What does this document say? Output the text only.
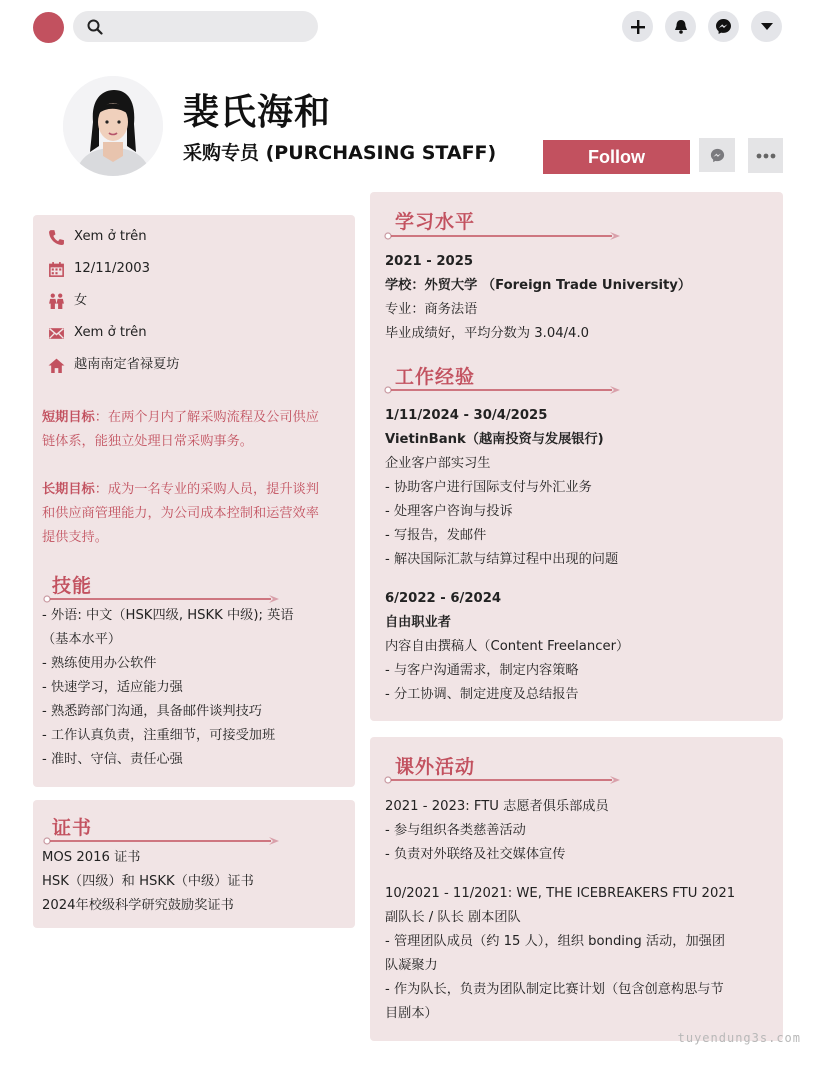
裴氏海和
采购专员 (PURCHASING STAFF)	Follow
Xem ở trên
12/11/2003
女
Xem ở trên
越南南定省禄夏坊
短期目标：在两个月内了解采购流程及公司供应链体系，能独立处理日常采购事务。
长期目标：成为一名专业的采购人员，提升谈判和供应商管理能力，为公司成本控制和运营效率提供支持。
技能
- 外语: 中文（HSK四级, HSKK 中级); 英语
（基本水平）
- 熟练使用办公软件
- 快速学习，适应能力强
- 熟悉跨部门沟通，具备邮件谈判技巧
- 工作认真负责，注重细节，可接受加班
- 准时、守信、责任心强
证书
MOS 2016 证书
HSK（四级）和 HSKK（中级）证书
2024年校级科学研究鼓励奖证书
学习水平
2021 - 2025
学校：外贸大学 （Foreign Trade University）
专业：商务法语
毕业成绩好，平均分数为 3.04/4.0
工作经验
1/11/2024 - 30/4/2025
VietinBank（越南投资与发展银行)
企业客户部实习生
- 协助客户进行国际支付与外汇业务
- 处理客户咨询与投诉
- 写报告，发邮件
- 解决国际汇款与结算过程中出现的问题
6/2022 - 6/2024
自由职业者
内容自由撰稿人（Content Freelancer）
- 与客户沟通需求，制定内容策略
- 分工协调、制定进度及总结报告
课外活动
2021 - 2023: FTU 志愿者俱乐部成员
- 参与组织各类慈善活动
- 负责对外联络及社交媒体宣传
10/2021 - 11/2021: WE, THE ICEBREAKERS FTU 2021
副队长 / 队长 剧本团队
- 管理团队成员（约 15 人），组织 bonding 活动，加强团
队凝聚力
- 作为队长，负责为团队制定比赛计划（包含创意构思与节
目剧本）
tuyendung3s.com
